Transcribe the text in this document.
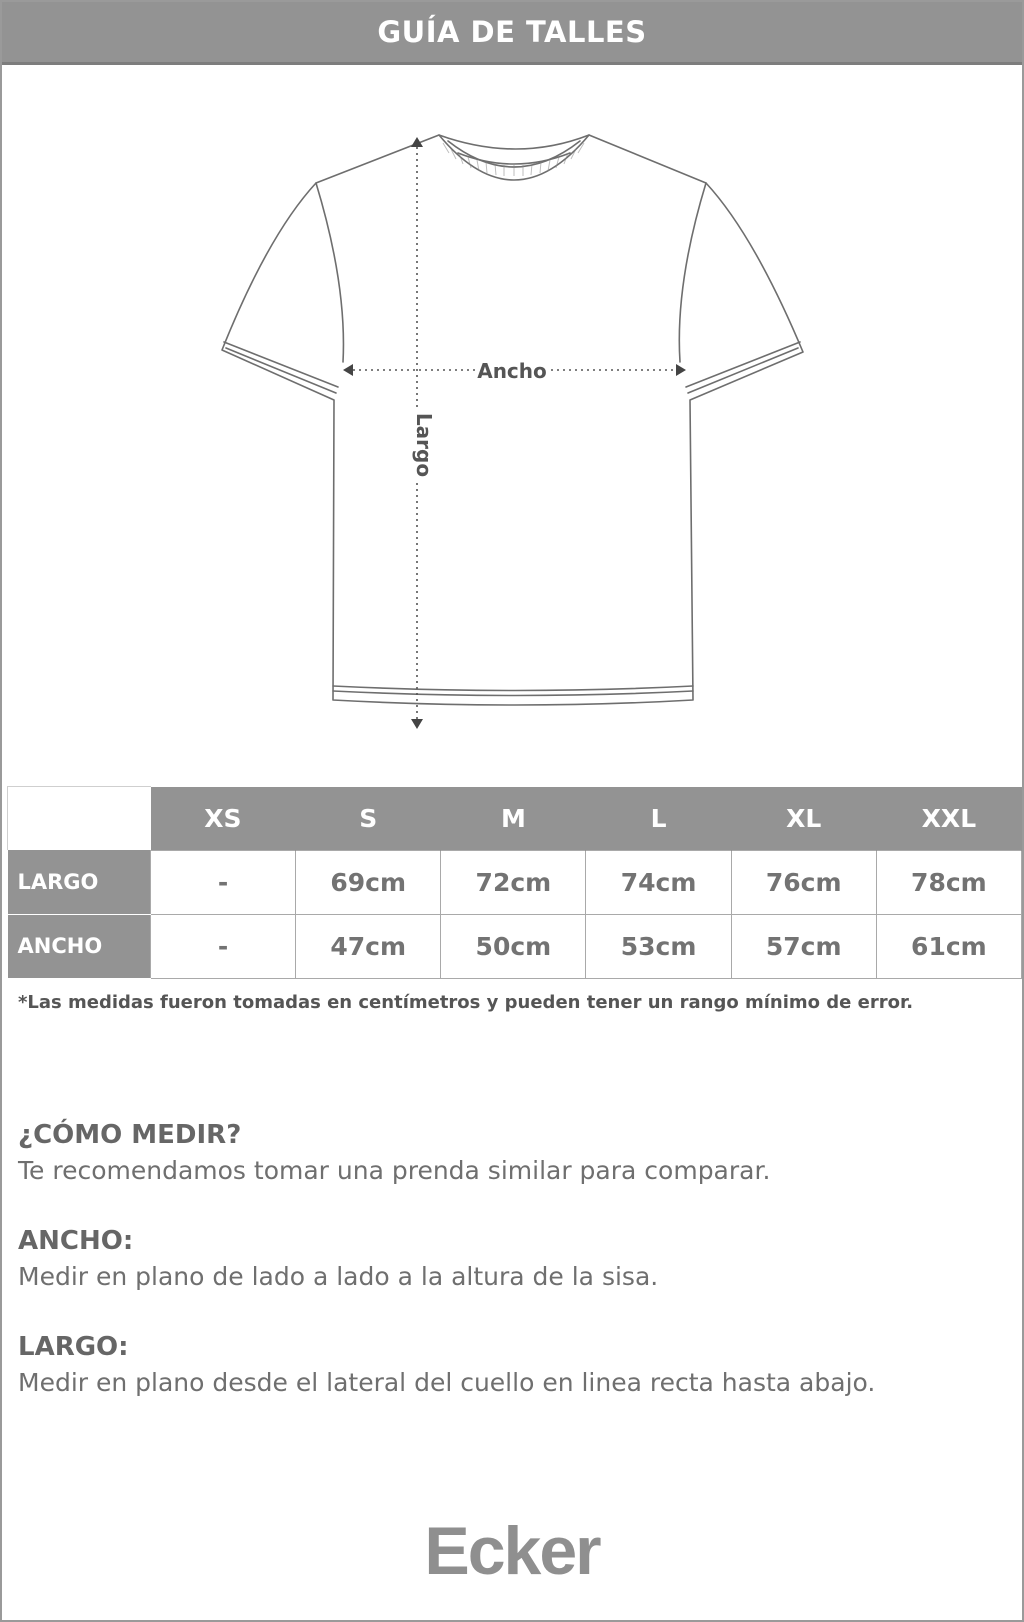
GUÍA DE TALLES
Ancho
Largo
	XS	S	M	L	XL	XXL
LARGO	-	69cm	72cm	74cm	76cm	78cm
ANCHO	-	47cm	50cm	53cm	57cm	61cm

*Las medidas fueron tomadas en centímetros y pueden tener un rango mínimo de error.

¿CÓMO MEDIR?

Te recomendamos tomar una prenda similar para comparar.

ANCHO:

Medir en plano de lado a lado a la altura de la sisa.

LARGO:

Medir en plano desde el lateral del cuello en linea recta hasta abajo.

Ecker
